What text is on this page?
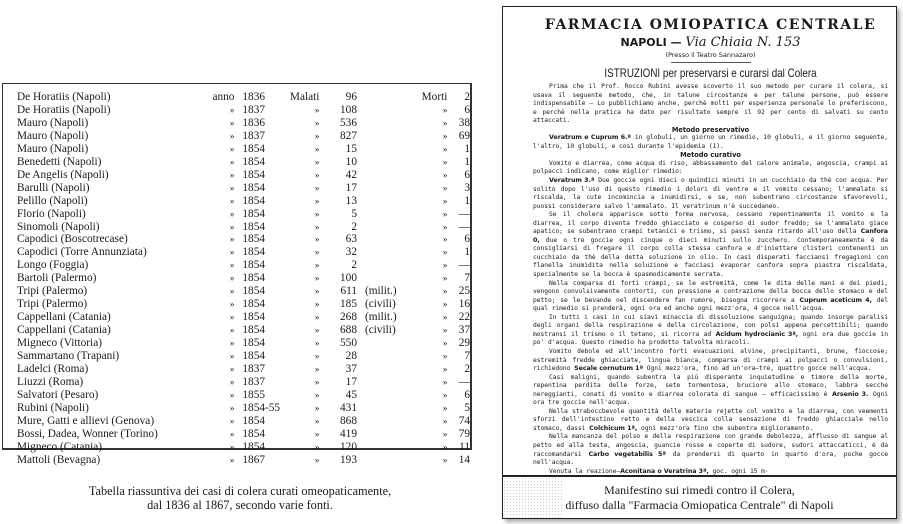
De Horatiis (Napoli)	anno	1836	Malati	96		Morti	2
De Horatiis (Napoli)	»	1837	»	108		»	6
Mauro (Napoli)	»	1836	»	536		»	38
Mauro (Napoli)	»	1837	»	827		»	69
Mauro (Napoli)	»	1854	»	15		»	1
Benedetti (Napoli)	»	1854	»	10		»	1
De Angelis (Napoli)	»	1854	»	42		»	6
Barulli (Napoli)	»	1854	»	17		»	3
Pelillo (Napoli)	»	1854	»	13		»	1
Florio (Napoli)	»	1854	»	5		»	—
Sinomoli (Napoli)	»	1854	»	2		»	—
Capodici (Boscotrecase)	»	1854	»	63		»	6
Capodici (Torre Annunziata)	»	1854	»	32		»	1
Longo (Foggia)	»	1854	»	2		»	—
Bartoli (Palermo)	»	1854	»	100		»	7
Tripi (Palermo)	»	1854	»	611	(milit.)	»	25
Tripi (Palermo)	»	1854	»	185	(civili)	»	16
Cappellani (Catania)	»	1854	»	268	(milit.)	»	22
Cappellani (Catania)	»	1854	»	688	(civili)	»	37
Migneco (Vittoria)	»	1854	»	550		»	29
Sammartano (Trapani)	»	1854	»	28		»	7
Ladelci (Roma)	»	1837	»	37		»	2
Liuzzi (Roma)	»	1837	»	17		»	—
Salvatori (Pesaro)	»	1855	»	45		»	6
Rubini (Napoli)	»	1854-55	»	431		»	5
Mure, Gatti e allievi (Genova)	»	1854	»	868		»	74
Bossi, Dadea, Wonner (Torino)	»	1854	»	419		»	79
Migneco (Catania)	»	1854	»	120		»	11
Mattoli (Bevagna)	»	1867	»	193		»	14
Tabella riassuntiva dei casi di colera curati omeopaticamente,
dal 1836 al 1867, secondo varie fonti.
FARMACIA OMIOPATICA CENTRALE
NAPOLI — Via Chiaia N. 153
(Presso il Teatro Sannazaro)
ISTRUZIONI per preservarsi e curarsi dal Colera

Prima che il Prof. Rocco Rubini avesse scoverto il suo metodo per curare il colera, si usava il seguente metodo, che, in talune circostanze e per talune persone, può essere indispensabile — Lo pubblichiamo anche, perchè molti per esperienza personale lo preferiscono, e perchè nella pratica ha dato per risultato sempre il 92 per cento di salvati su cento attaccati.

Metodo preservativo

Veratrum e Cuprum 6.ª in globuli, un giorno un rimedio, 10 globuli, e il giorno seguente, l'altro, 10 globuli, e così durante l'epidemia (1).

Metodo curativo

Vomito e diarrea, come acqua di riso, abbassamento del calore animale, angoscia, crampi ai polpacci indicano, come miglior rimedio:

Veratrum 3.ª Due goccie ogni dieci o quindici minuti in un cucchiaio da thè con acqua. Per solito dopo l'uso di questo rimedio i dolori di ventre e il vomito cessano; l'ammalato si riscalda, la cute incomincia a inumidirsi, e se, non subentrano circostanze sfavorevoli, puossi considerare salvo l'ammalato. Il veratrinum n'è succedaneo.

Se il cholera apparisce sotto forma nervosa, cessano repentinamente il vomito e la diarrea, il corpo diventa freddo ghiacciato e cosperso di sudor freddo; se l'ammalato giace apatico; se subentrano crampi tetanici e trismo, si passi senza ritardo all'uso della Canfora 0, due o tre goccie ogni cinque o dieci minuti sullo zucchero. Contemporaneamente è da consigliarsi di fregare il corpo colla stessa canfora e d'iniettare clisteri contenenti un cucchiaio da thè della detta soluzione in olio. In casi disperati facciansi fregagioni con flanella inumidita nella soluzione e facciasi evaporar canfora sopra piastra riscaldata, specialmente se la bocca è spasmodicamente serrata.

Nella comparsa di forti crampi, se le estremità, come le dita delle mani e dei piedi, vengono convulsivamente contorti, con pressione e contrazione della bocca dello stomaco e del petto; se le bevande nel discendere fan rumore, bisogna ricorrere a Cuprum aceticum 4, del qual rimedio si prenderà, ogni ora ed anche ogni mezz'ora, 4 gocce nell'acqua.

In tutti i casi in cui siavi minaccia di dissoluzione sanguigna; quando insorge paralisi degli organi della respirazione e della circolazione, con polsi appena percettibili; quando mostransi il trismo o il tetano, si ricorra ad Acidum hydrocianic 3ª, ogni ora due goccie in po' d'acqua. Questo rimedio ha prodotto talvolta miracoli.

Vomito debole ed all'incontro forti evacuazioni alvine, precipitanti, brune, fioccose; estremità fredde ghiacciate, lingua bianca, comparsa di crampi ai polpacci o convulsioni, richiedono Secale cornutum 1ª Ogni mezz'ora, fino ad un'ora—tre, quattro gocce nell'acqua.

Casi maligni, quando subentra la più disperante inquietudine e timore della morte, repentina perdita delle forze, sete tormentosa, bruciore allo stomaco, labbra secche nereggianti, conati di vomito e diarrea colorata di sangue — efficacissimo è Arsenio 3. Ogni ora tre goccie nell'acqua.

Nella straboccbevole quantità delle materie rejette col vomito e la diarrea, con veementi sforzi dell'intestino retto e della vescica colla sensazione di freddo ghiacciale nello stomaco, dassi Colchicum 1ª, ogni mezz'ora fino che subentra miglioramento.

Nella mancanza del polso e della respirazione con grande debolezza, afflusso di sangue al petto ed alla testa, angoscia, guancie rosse e coperte di sudore, sudori attaccaticci, è da raccomandarsi Carbo vegetabilis 5ª da prendersi di quarto in quarto d'ora, poche gocce nell'acqua.

Venuta la reazione—Aconitana o Veratrina 3ª, goc. ogni 15 m·

Manifestino sui rimedi contro il Colera,
diffuso dalla "Farmacia Omiopatica Centrale" di Napoli
